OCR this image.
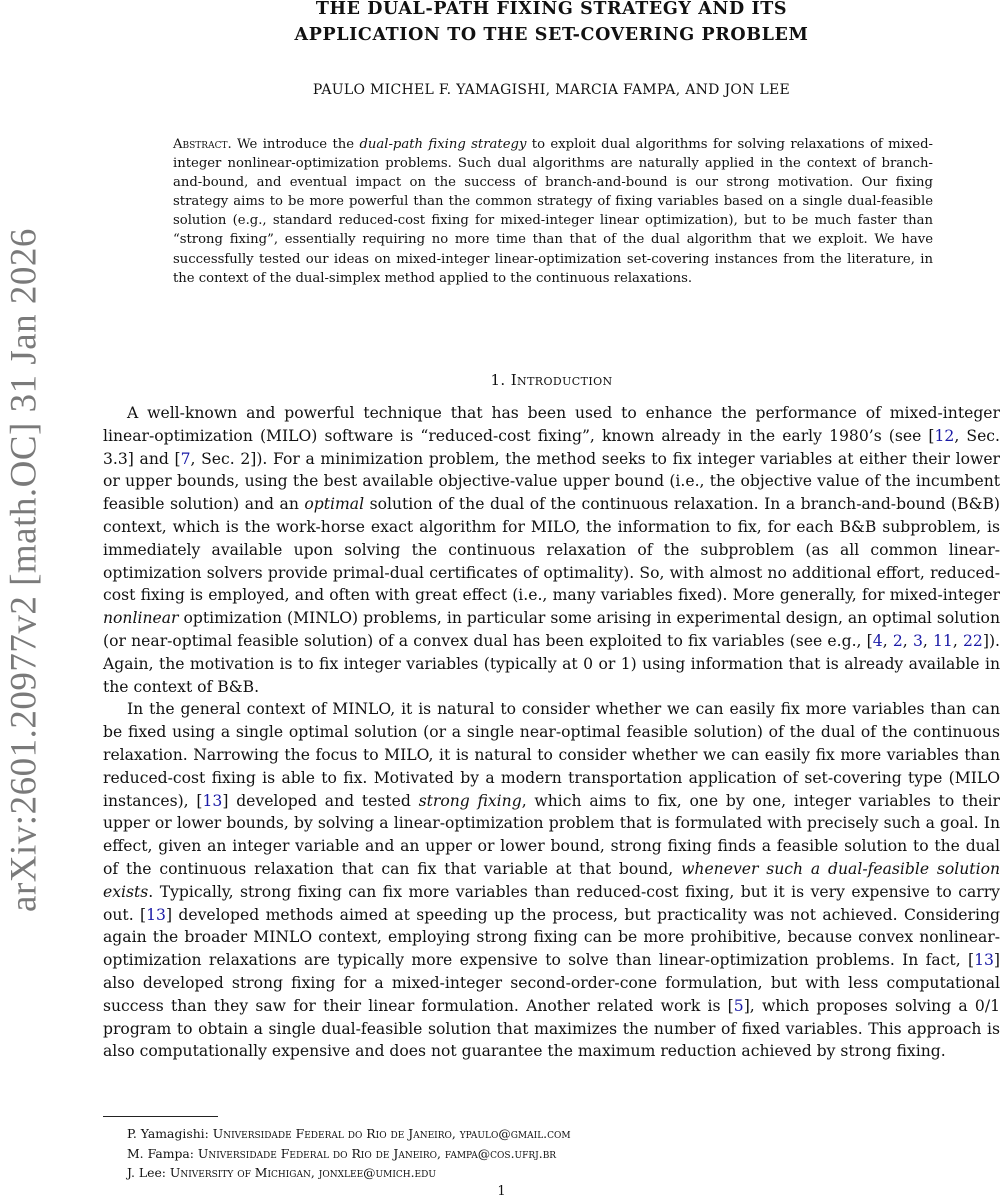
arXiv:2601.20977v2 [math.OC] 31 Jan 2026
THE DUAL-PATH FIXING STRATEGY AND ITS
APPLICATION TO THE SET-COVERING PROBLEM
PAULO MICHEL F. YAMAGISHI, MARCIA FAMPA, AND JON LEE
Abstract. We introduce the dual-path fixing strategy to exploit dual algorithms for solving relaxations of mixed-integer nonlinear-optimization problems. Such dual algorithms are naturally applied in the context of branch-and-bound, and eventual impact on the success of branch-and-bound is our strong motivation. Our fixing strategy aims to be more powerful than the common strategy of fixing variables based on a single dual-feasible solution (e.g., standard reduced-cost fixing for mixed-integer linear optimization), but to be much faster than “strong fixing”, essentially requiring no more time than that of the dual algorithm that we exploit. We have successfully tested our ideas on mixed-integer linear-optimization set-covering instances from the literature, in the context of the dual-simplex method applied to the continuous relaxations.
1. Introduction

A well-known and powerful technique that has been used to enhance the performance of mixed-integer linear-optimization (MILO) software is “reduced-cost fixing”, known already in the early 1980’s (see [12, Sec. 3.3] and [7, Sec. 2]). For a minimization problem, the method seeks to fix integer variables at either their lower or upper bounds, using the best available objective-value upper bound (i.e., the objective value of the incumbent feasible solution) and an optimal solution of the dual of the continuous relaxation. In a branch-and-bound (B&B) context, which is the work-horse exact algorithm for MILO, the information to fix, for each B&B subproblem, is immediately available upon solving the continuous relaxation of the subproblem (as all common linear-optimization solvers provide primal-dual certificates of optimality). So, with almost no additional effort, reduced-cost fixing is employed, and often with great effect (i.e., many variables fixed). More generally, for mixed-integer nonlinear optimization (MINLO) problems, in particular some arising in experimental design, an optimal solution (or near-optimal feasible solution) of a convex dual has been exploited to fix variables (see e.g., [4, 2, 3, 11, 22]). Again, the motivation is to fix integer variables (typically at 0 or 1) using information that is already available in the context of B&B.

In the general context of MINLO, it is natural to consider whether we can easily fix more variables than can be fixed using a single optimal solution (or a single near-optimal feasible solution) of the dual of the continuous relaxation. Narrowing the focus to MILO, it is natural to consider whether we can easily fix more variables than reduced-cost fixing is able to fix. Motivated by a modern transportation application of set-covering type (MILO instances), [13] developed and tested strong fixing, which aims to fix, one by one, integer variables to their upper or lower bounds, by solving a linear-optimization problem that is formulated with precisely such a goal. In effect, given an integer variable and an upper or lower bound, strong fixing finds a feasible solution to the dual of the continuous relaxation that can fix that variable at that bound, whenever such a dual-feasible solution exists. Typically, strong fixing can fix more variables than reduced-cost fixing, but it is very expensive to carry out. [13] developed methods aimed at speeding up the process, but practicality was not achieved. Considering again the broader MINLO context, employing strong fixing can be more prohibitive, because convex nonlinear-optimization relaxations are typically more expensive to solve than linear-optimization problems. In fact, [13] also developed strong fixing for a mixed-integer second-order-cone formulation, but with less computational success than they saw for their linear formulation. Another related work is [5], which proposes solving a 0/1 program to obtain a single dual-feasible solution that maximizes the number of fixed variables. This approach is also computationally expensive and does not guarantee the maximum reduction achieved by strong fixing.

P. Yamagishi: Universidade Federal do Rio de Janeiro, ypaulo@gmail.com
M. Fampa: Universidade Federal do Rio de Janeiro, fampa@cos.ufrj.br
J. Lee: University of Michigan, jonxlee@umich.edu
1
